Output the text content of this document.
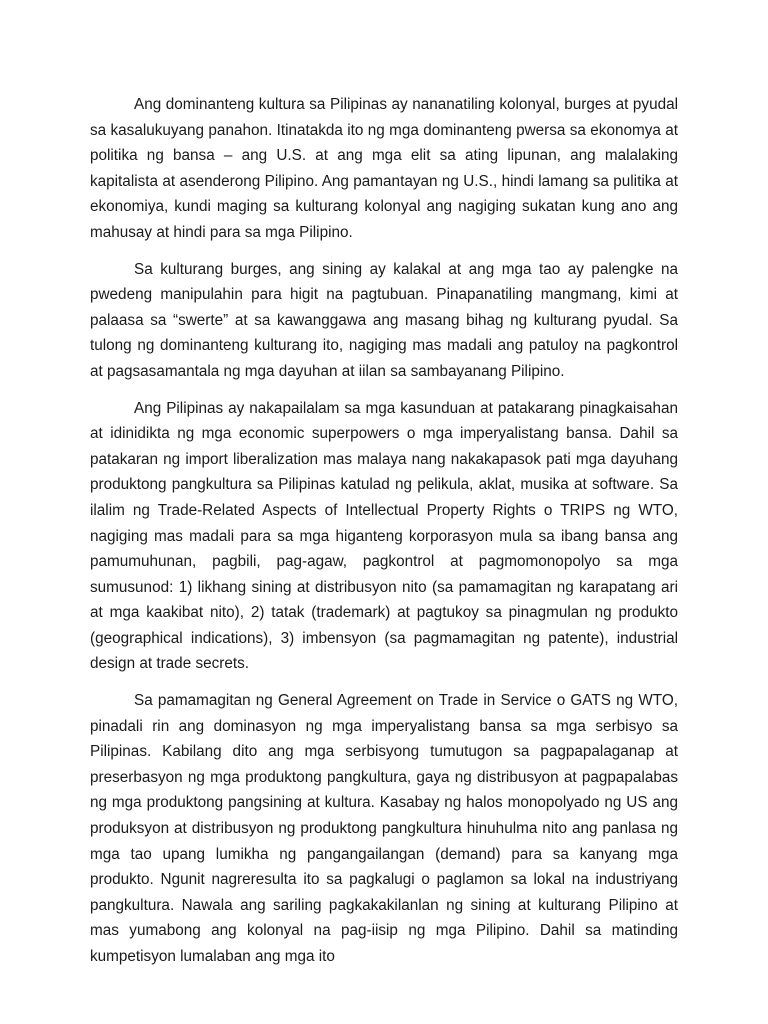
Ang dominanteng kultura sa Pilipinas ay nananatiling kolonyal, burges at pyudal sa kasalukuyang panahon. Itinatakda ito ng mga dominanteng pwersa sa ekonomya at politika ng bansa – ang U.S. at ang mga elit sa ating lipunan, ang malalaking kapitalista at asenderong Pilipino. Ang pamantayan ng U.S., hindi lamang sa pulitika at ekonomiya, kundi maging sa kulturang kolonyal ang nagiging sukatan kung ano ang mahusay at hindi para sa mga Pilipino.

Sa kulturang burges, ang sining ay kalakal at ang mga tao ay palengke na pwedeng manipulahin para higit na pagtubuan. Pinapanatiling mangmang, kimi at palaasa sa “swerte” at sa kawanggawa ang masang bihag ng kulturang pyudal. Sa tulong ng dominanteng kulturang ito, nagiging mas madali ang patuloy na pagkontrol at pagsasamantala ng mga dayuhan at iilan sa sambayanang Pilipino.

Ang Pilipinas ay nakapailalam sa mga kasunduan at patakarang pinagkaisahan at idinidikta ng mga economic superpowers o mga imperyalistang bansa. Dahil sa patakaran ng import liberalization mas malaya nang nakakapasok pati mga dayuhang produktong pangkultura sa Pilipinas katulad ng pelikula, aklat, musika at software. Sa ilalim ng Trade-Related Aspects of Intellectual Property Rights o TRIPS ng WTO, nagiging mas madali para sa mga higanteng korporasyon mula sa ibang bansa ang pamumuhunan, pagbili, pag-agaw, pagkontrol at pagmomonopolyo sa mga sumusunod: 1) likhang sining at distribusyon nito (sa pamamagitan ng karapatang ari at mga kaakibat nito), 2) tatak (trademark) at pagtukoy sa pinagmulan ng produkto (geographical indications), 3) imbensyon (sa pagmamagitan ng patente), industrial design at trade secrets.

Sa pamamagitan ng General Agreement on Trade in Service o GATS ng WTO, pinadali rin ang dominasyon ng mga imperyalistang bansa sa mga serbisyo sa Pilipinas. Kabilang dito ang mga serbisyong tumutugon sa pagpapalaganap at preserbasyon ng mga produktong pangkultura, gaya ng distribusyon at pagpapalabas ng mga produktong pangsining at kultura. Kasabay ng halos monopolyado ng US ang produksyon at distribusyon ng produktong pangkultura hinuhulma nito ang panlasa ng mga tao upang lumikha ng pangangailangan (demand) para sa kanyang mga produkto. Ngunit nagreresulta ito sa pagkalugi o paglamon sa lokal na industriyang pangkultura. Nawala ang sariling pagkakakilanlan ng sining at kulturang Pilipino at mas yumabong ang kolonyal na pag-iisip ng mga Pilipino. Dahil sa matinding kumpetisyon lumalaban ang mga ito
